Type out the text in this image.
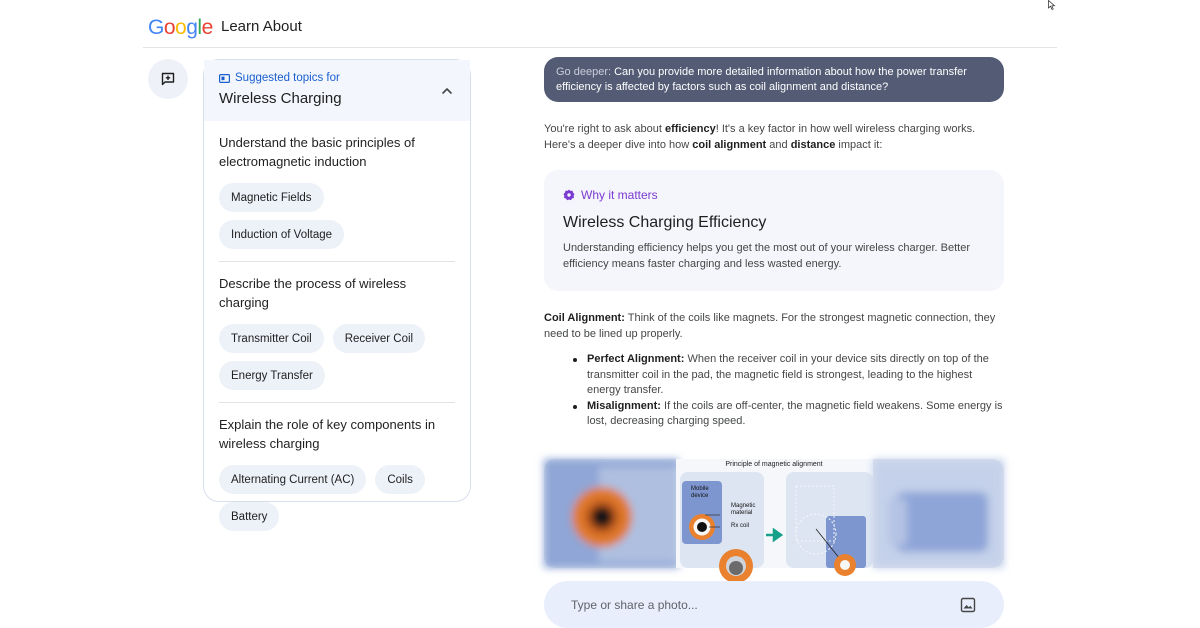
Google Learn About
Suggested topics for
Wireless Charging
Understand the basic principles of electromagnetic induction
Magnetic Fields
Induction of Voltage
Describe the process of wireless charging
Transmitter Coil	Receiver Coil
Energy Transfer
Explain the role of key components in wireless charging
Alternating Current (AC)	Coils
Battery
Go deeper: Can you provide more detailed information about how the power transfer efficiency is affected by factors such as coil alignment and distance?
You're right to ask about efficiency! It's a key factor in how well wireless charging works. Here's a deeper dive into how coil alignment and distance impact it:
Why it matters
Wireless Charging Efficiency
Understanding efficiency helps you get the most out of your wireless charger. Better efficiency means faster charging and less wasted energy.
Coil Alignment: Think of the coils like magnets. For the strongest magnetic connection, they need to be lined up properly.
Perfect Alignment: When the receiver coil in your device sits directly on top of the transmitter coil in the pad, the magnetic field is strongest, leading to the highest energy transfer.
Misalignment: If the coils are off-center, the magnetic field weakens. Some energy is lost, decreasing charging speed.
Principle of magnetic alignment
Mobile
device
Magnetic
material
Rx coil
Type or share a photo...
